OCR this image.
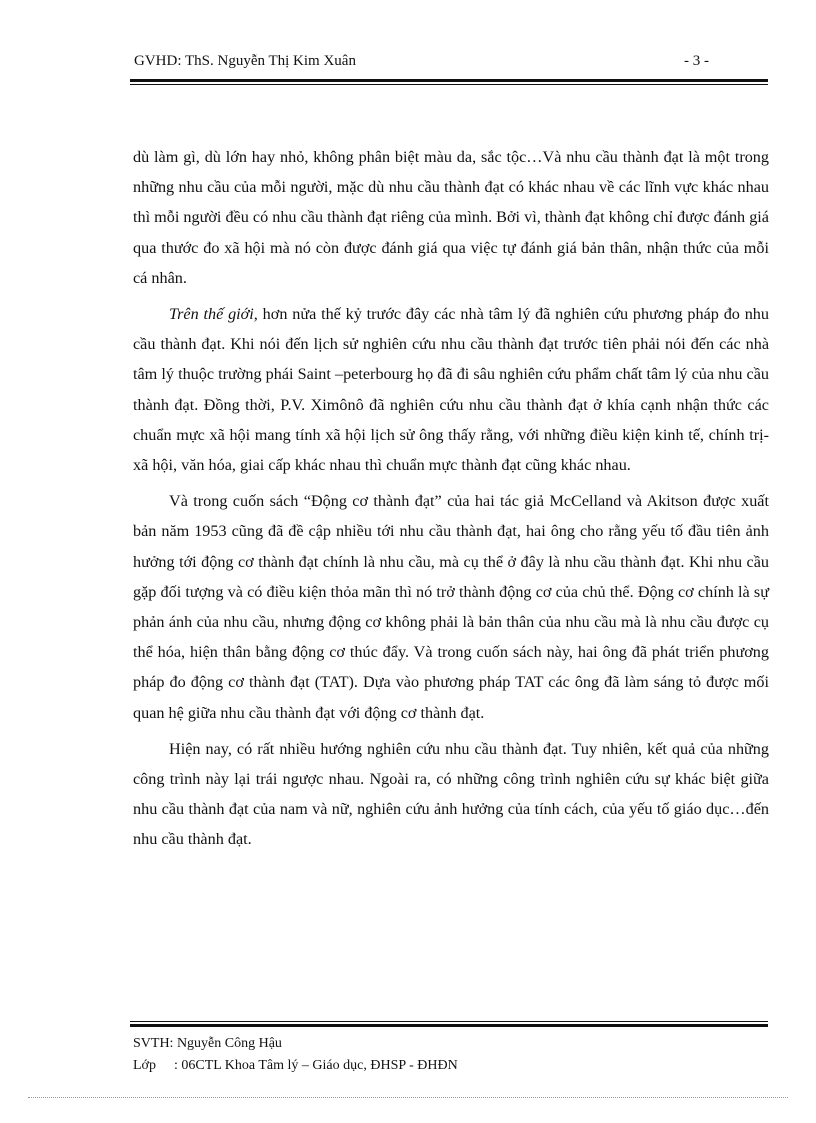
GVHD: ThS. Nguyễn Thị Kim Xuân	- 3 -

dù làm gì, dù lớn hay nhỏ, không phân biệt màu da, sắc tộc…Và nhu cầu thành đạt là một trong những nhu cầu của mỗi người, mặc dù nhu cầu thành đạt có khác nhau về các lĩnh vực khác nhau thì mỗi người đều có nhu cầu thành đạt riêng của mình. Bởi vì, thành đạt không chỉ được đánh giá qua thước đo xã hội mà nó còn được đánh giá qua việc tự đánh giá bản thân, nhận thức của mỗi cá nhân.

Trên thế giới, hơn nửa thế kỷ trước đây các nhà tâm lý đã nghiên cứu phương pháp đo nhu cầu thành đạt. Khi nói đến lịch sử nghiên cứu nhu cầu thành đạt trước tiên phải nói đến các nhà tâm lý thuộc trường phái Saint –peterbourg họ đã đi sâu nghiên cứu phẩm chất tâm lý của nhu cầu thành đạt. Đồng thời, P.V. Ximônô đã nghiên cứu nhu cầu thành đạt ở khía cạnh nhận thức các chuẩn mực xã hội mang tính xã hội lịch sử ông thấy rằng, với những điều kiện kinh tế, chính trị- xã hội, văn hóa, giai cấp khác nhau thì chuẩn mực thành đạt cũng khác nhau.

Và trong cuốn sách “Động cơ thành đạt” của hai tác giả McCelland và Akitson được xuất bản năm 1953 cũng đã đề cập nhiều tới nhu cầu thành đạt, hai ông cho rằng yếu tố đầu tiên ảnh hưởng tới động cơ thành đạt chính là nhu cầu, mà cụ thể ở đây là nhu cầu thành đạt. Khi nhu cầu gặp đối tượng và có điều kiện thỏa mãn thì nó trở thành động cơ của chủ thể. Động cơ chính là sự phản ánh của nhu cầu, nhưng động cơ không phải là bản thân của nhu cầu mà là nhu cầu được cụ thể hóa, hiện thân bằng động cơ thúc đẩy. Và trong cuốn sách này, hai ông đã phát triển phương pháp đo động cơ thành đạt (TAT). Dựa vào phương pháp TAT các ông đã làm sáng tỏ được mối quan hệ giữa nhu cầu thành đạt với động cơ thành đạt.

Hiện nay, có rất nhiều hướng nghiên cứu nhu cầu thành đạt. Tuy nhiên, kết quả của những công trình này lại trái ngược nhau. Ngoài ra, có những công trình nghiên cứu sự khác biệt giữa nhu cầu thành đạt của nam và nữ, nghiên cứu ảnh hưởng của tính cách, của yếu tố giáo dục…đến nhu cầu thành đạt.

SVTH: Nguyễn Công Hậu
Lớp : 06CTL Khoa Tâm lý – Giáo dục, ĐHSP - ĐHĐN
